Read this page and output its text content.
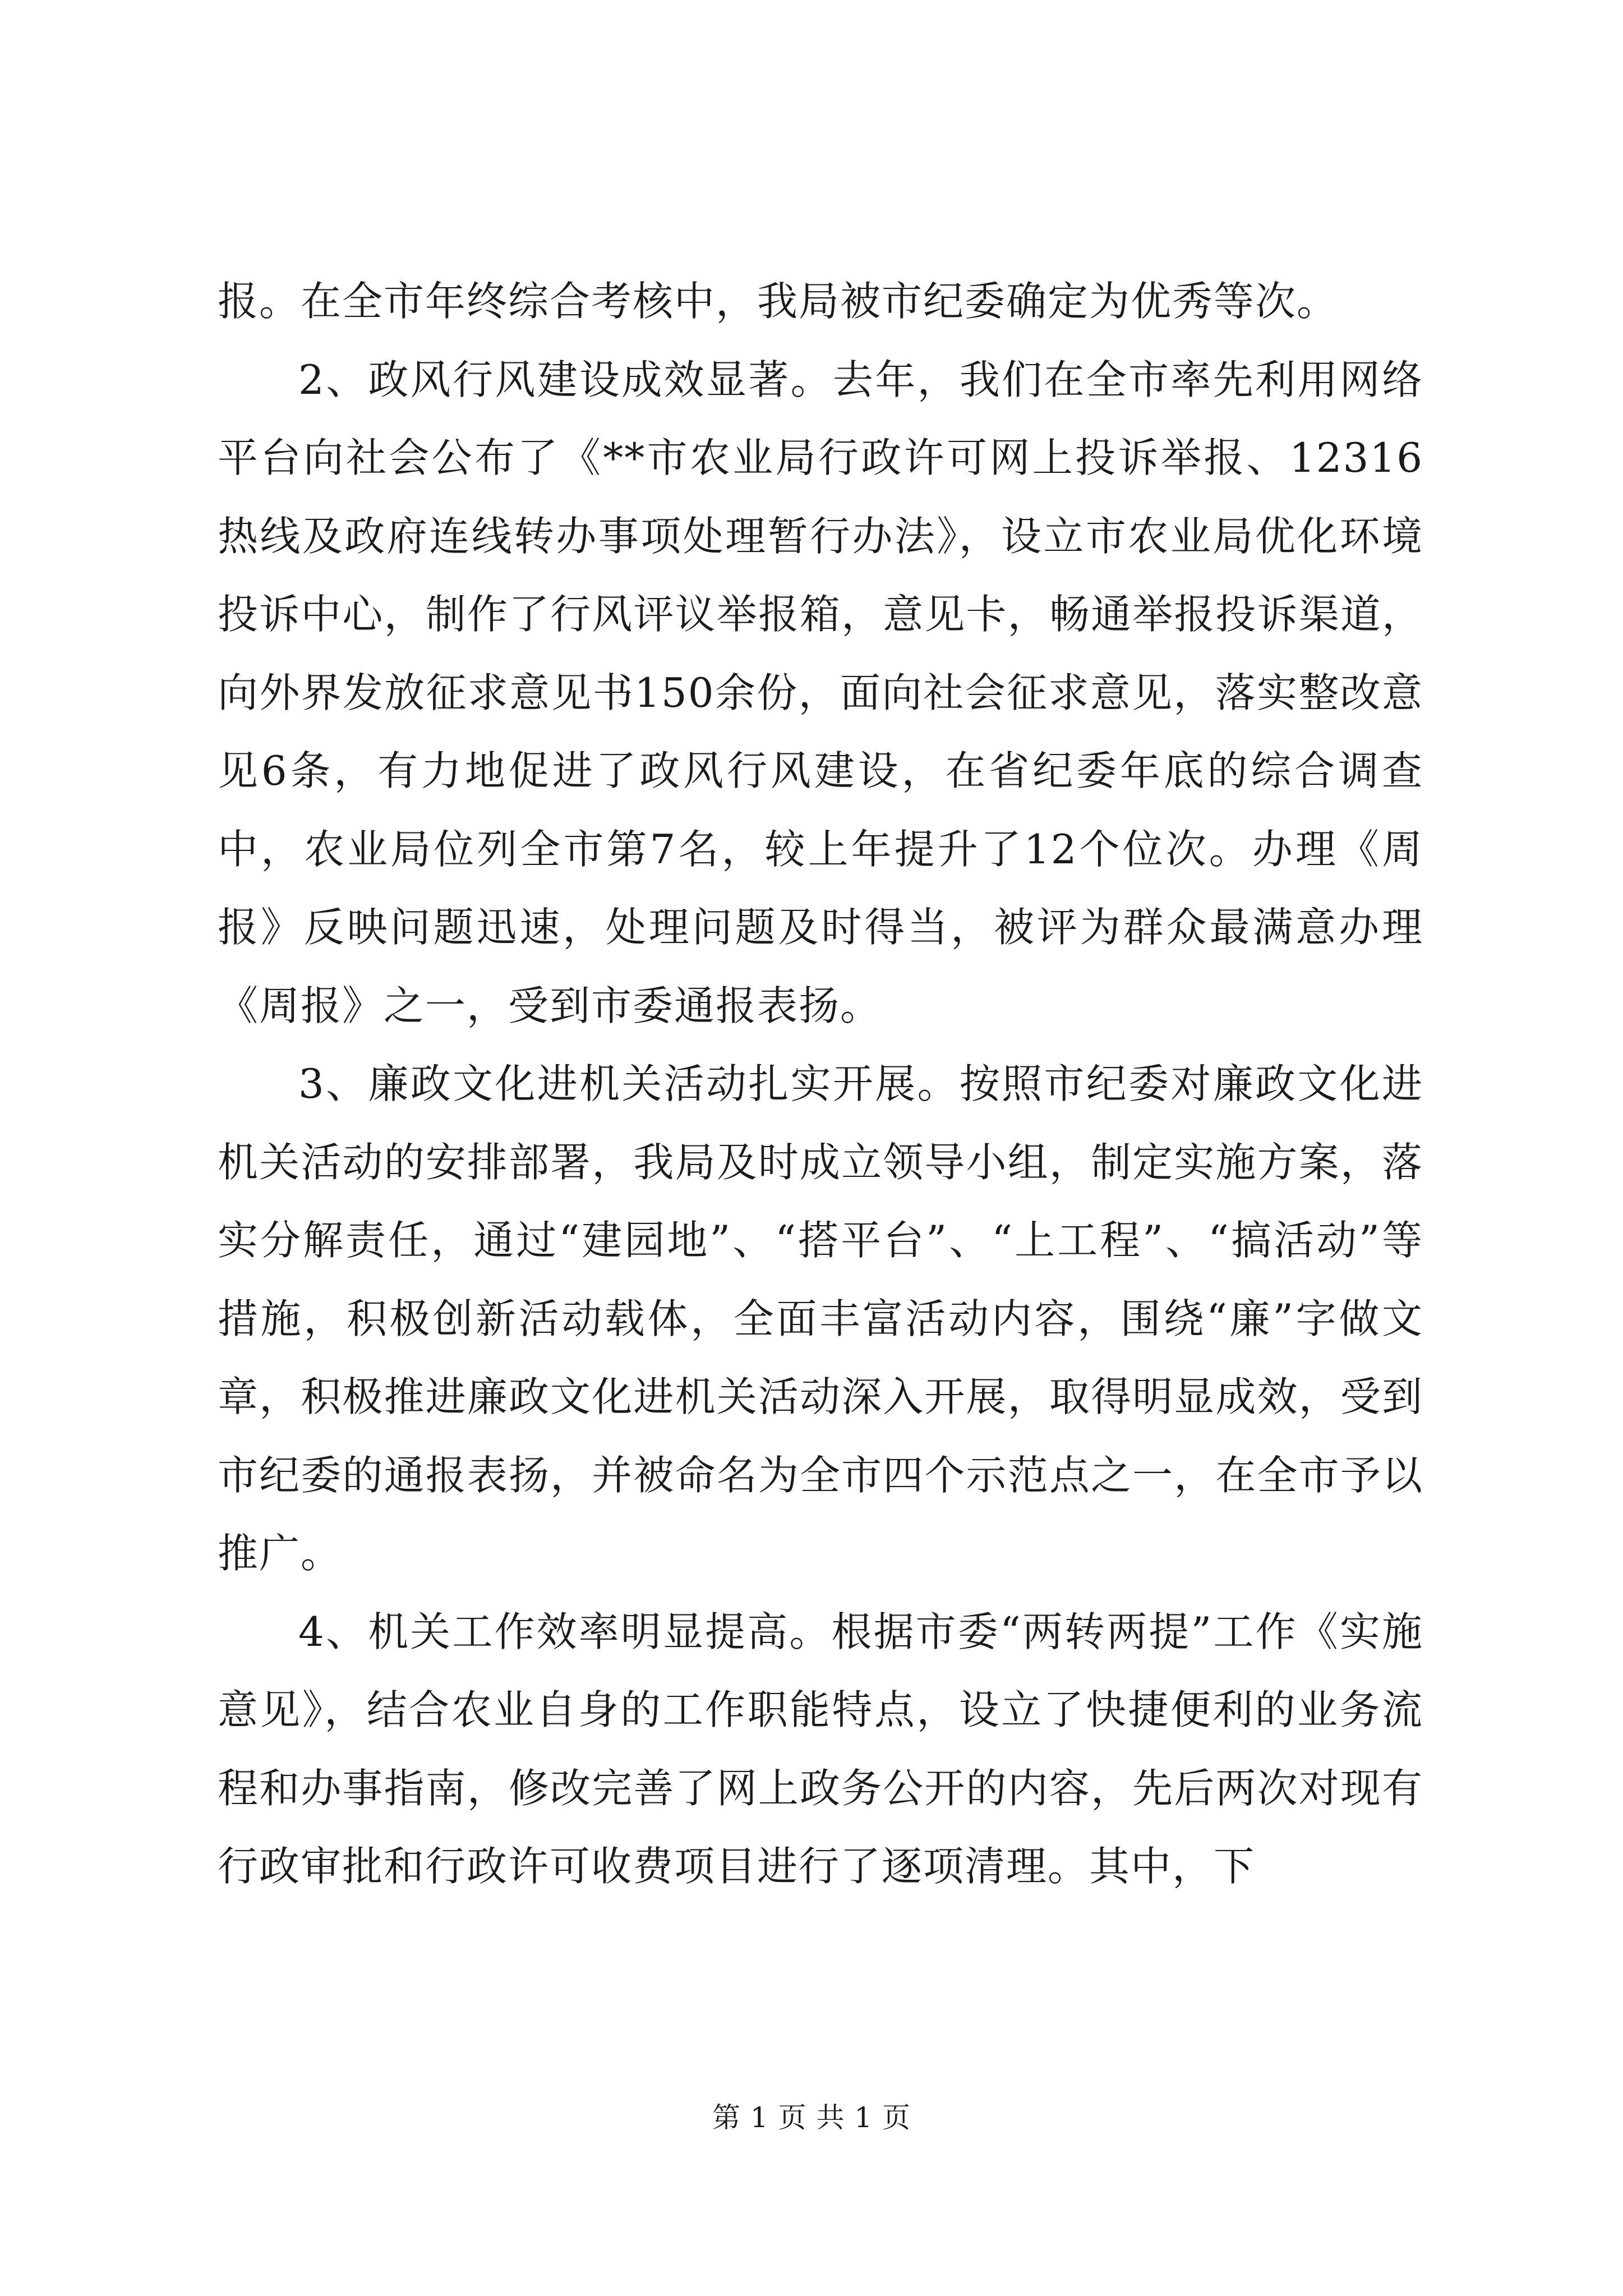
报。在全市年终综合考核中，我局被市纪委确定为优秀等次。

2、政风行风建设成效显著。去年，我们在全市率先利用网络平台向社会公布了《**市农业局行政许可网上投诉举报、12316热线及政府连线转办事项处理暂行办法》，设立市农业局优化环境投诉中心，制作了行风评议举报箱，意见卡，畅通举报投诉渠道，向外界发放征求意见书150余份，面向社会征求意见，落实整改意见6条，有力地促进了政风行风建设，在省纪委年底的综合调查中，农业局位列全市第7名，较上年提升了12个位次。办理《周报》反映问题迅速，处理问题及时得当，被评为群众最满意办理《周报》之一，受到市委通报表扬。

3、廉政文化进机关活动扎实开展。按照市纪委对廉政文化进机关活动的安排部署，我局及时成立领导小组，制定实施方案，落实分解责任，通过“建园地”、“搭平台”、“上工程”、“搞活动”等措施，积极创新活动载体，全面丰富活动内容，围绕“廉”字做文章，积极推进廉政文化进机关活动深入开展，取得明显成效，受到市纪委的通报表扬，并被命名为全市四个示范点之一，在全市予以推广。

4、机关工作效率明显提高。根据市委“两转两提”工作《实施意见》，结合农业自身的工作职能特点，设立了快捷便利的业务流程和办事指南，修改完善了网上政务公开的内容，先后两次对现有行政审批和行政许可收费项目进行了逐项清理。其中，下

第 1 页 共 1 页
